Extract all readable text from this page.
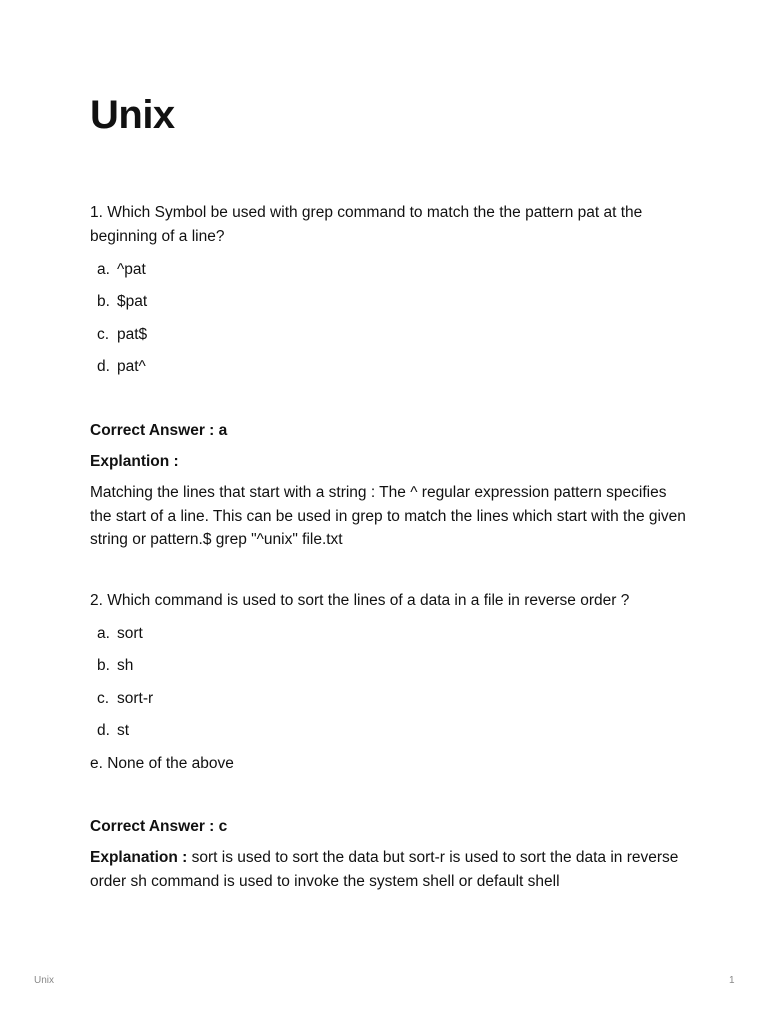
Unix

1. Which Symbol be used with grep command to match the the pattern pat at the beginning of a line?

a. ^pat
b. $pat
c. pat$
d. pat^
Correct Answer : a
Explantion :

Matching the lines that start with a string : The ^ regular expression pattern specifies the start of a line. This can be used in grep to match the lines which start with the given string or pattern.$ grep "^unix" file.txt

2. Which command is used to sort the lines of a data in a file in reverse order ?

a. sort
b. sh
c. sort-r
d. st
e. None of the above
Correct Answer : c

Explanation : sort is used to sort the data but sort-r is used to sort the data in reverse order sh command is used to invoke the system shell or default shell

Unix	1
